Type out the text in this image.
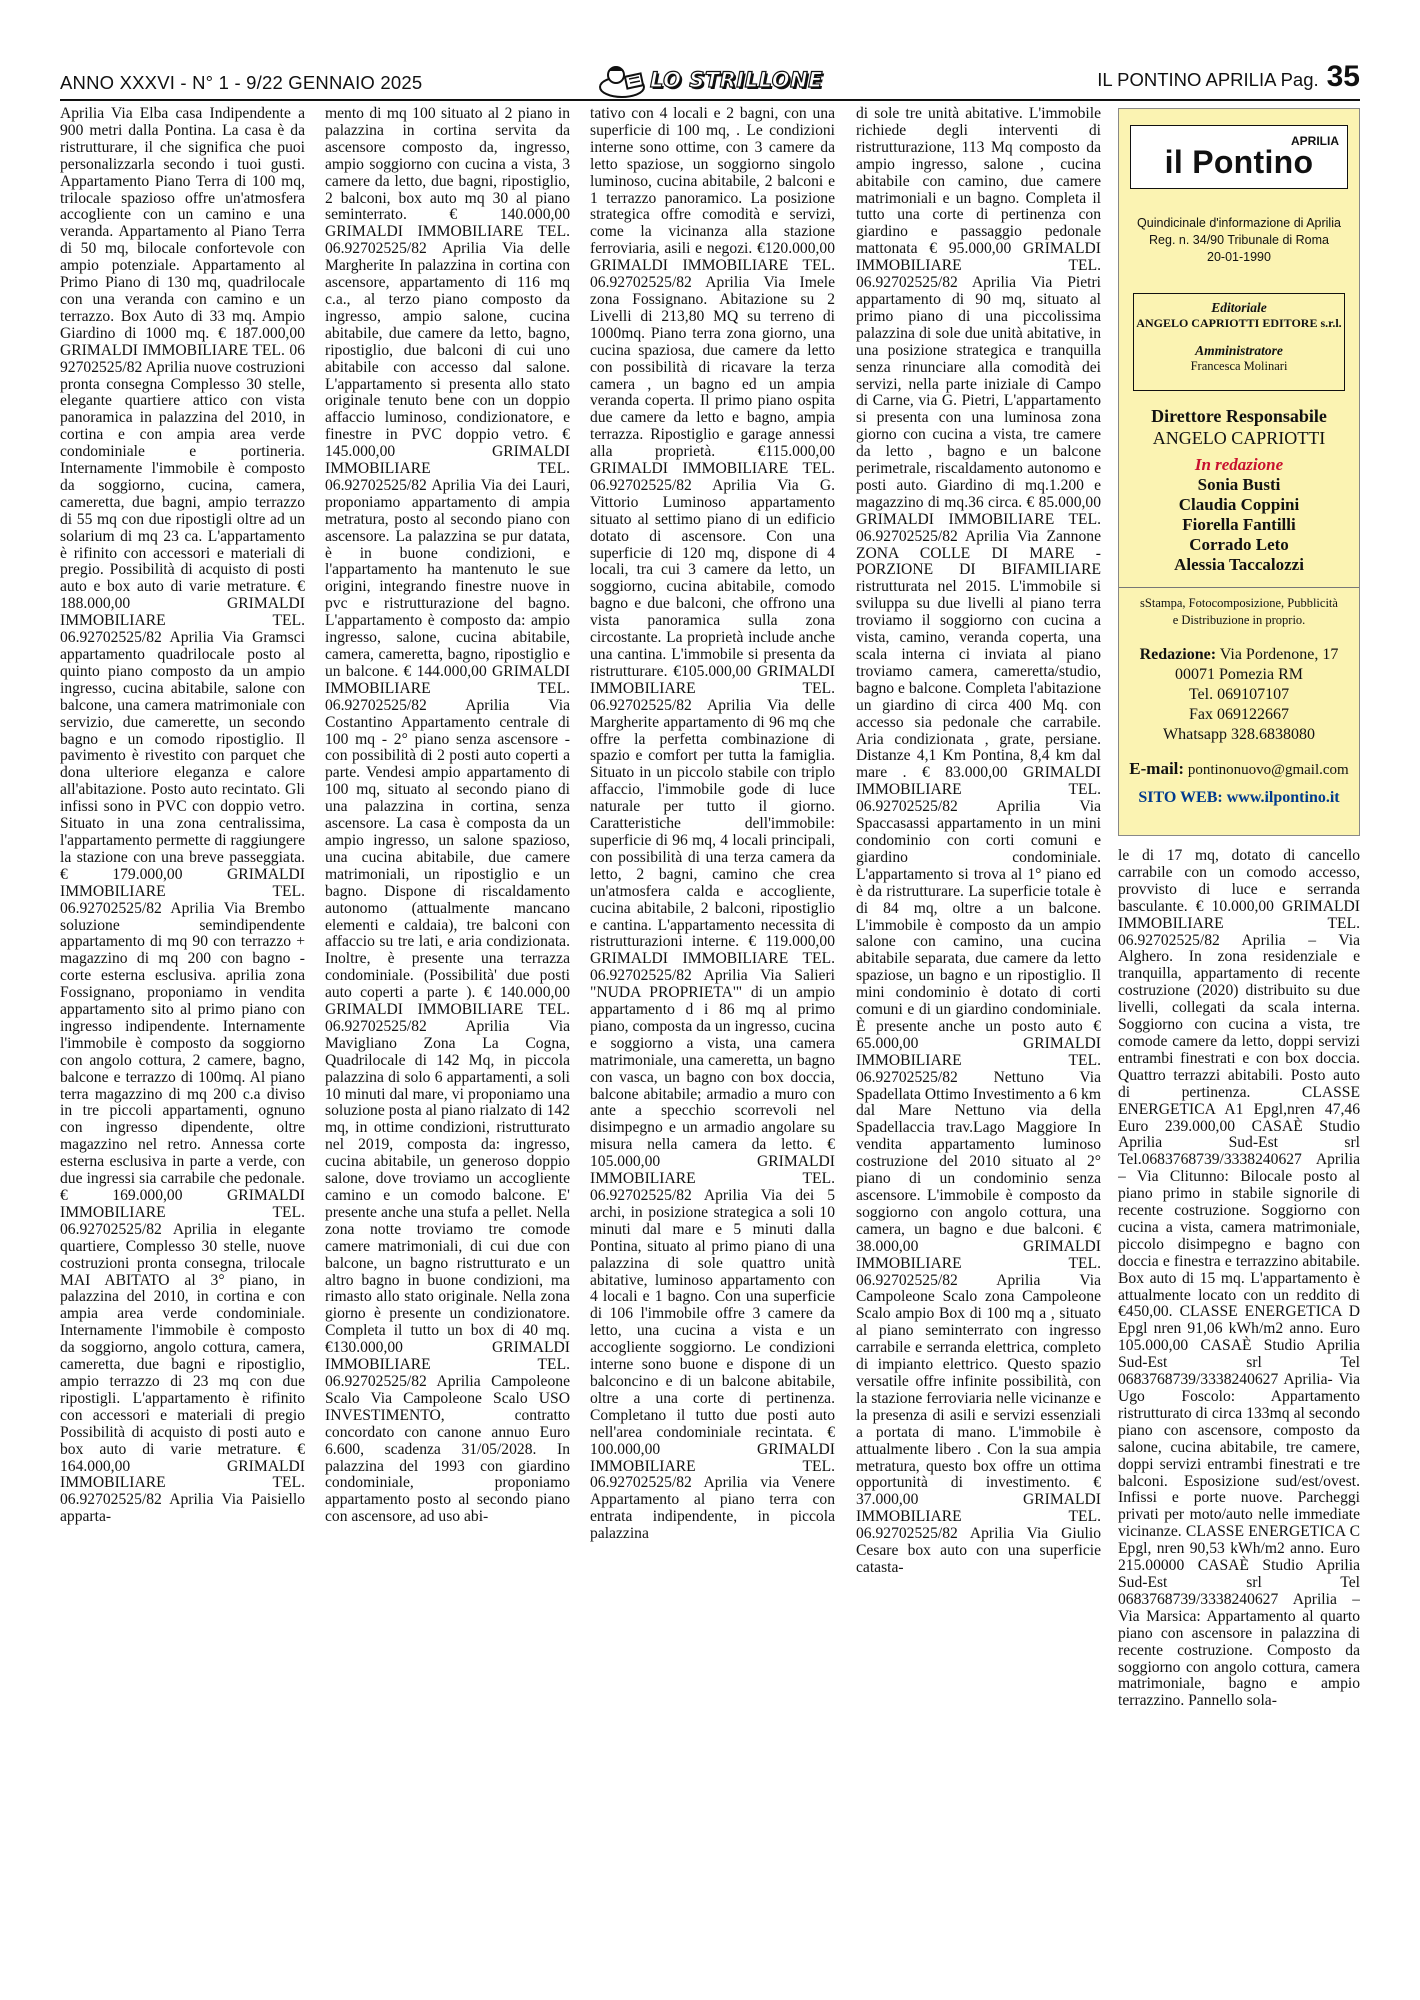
ANNO XXXVI - N° 1 - 9/22 GENNAIO 2025	LO STRILLONE	IL PONTINO APRILIA Pag. 35

Aprilia Via Elba casa Indipendente a 900 metri dalla Pontina. La casa è da ristrutturare, il che significa che puoi personalizzarla secondo i tuoi gusti. Appartamento Piano Terra di 100 mq, trilocale spazioso offre un'atmosfera accogliente con un camino e una veranda. Appartamento al Piano Terra di 50 mq, bilocale confortevole con ampio potenziale. Appartamento al Primo Piano di 130 mq, quadrilocale con una veranda con camino e un terrazzo. Box Auto di 33 mq. Ampio Giardino di 1000 mq. € 187.000,00 GRIMALDI IMMOBILIARE TEL. 06 92702525/82 Aprilia nuove costruzioni pronta consegna Complesso 30 stelle, elegante quartiere attico con vista panoramica in palazzina del 2010, in cortina e con ampia area verde condominiale e portineria. Internamente l'immobile è composto da soggiorno, cucina, camera, cameretta, due bagni, ampio terrazzo di 55 mq con due ripostigli oltre ad un solarium di mq 23 ca. L'appartamento è rifinito con accessori e materiali di pregio. Possibilità di acquisto di posti auto e box auto di varie metrature. € 188.000,00 GRIMALDI IMMOBILIARE TEL. 06.92702525/82 Aprilia Via Gramsci appartamento quadrilocale posto al quinto piano composto da un ampio ingresso, cucina abitabile, salone con balcone, una camera matrimoniale con servizio, due camerette, un secondo bagno e un comodo ripostiglio. Il pavimento è rivestito con parquet che dona ulteriore eleganza e calore all'abitazione. Posto auto recintato. Gli infissi sono in PVC con doppio vetro. Situato in una zona centralissima, l'appartamento permette di raggiungere la stazione con una breve passeggiata. € 179.000,00 GRIMALDI IMMOBILIARE TEL. 06.92702525/82 Aprilia Via Brembo soluzione semindipendente appartamento di mq 90 con terrazzo + magazzino di mq 200 con bagno - corte esterna esclusiva. aprilia zona Fossignano, proponiamo in vendita appartamento sito al primo piano con ingresso indipendente. Internamente l'immobile è composto da soggiorno con angolo cottura, 2 camere, bagno, balcone e terrazzo di 100mq. Al piano terra magazzino di mq 200 c.a diviso in tre piccoli appartamenti, ognuno con ingresso dipendente, oltre magazzino nel retro. Annessa corte esterna esclusiva in parte a verde, con due ingressi sia carrabile che pedonale. € 169.000,00 GRIMALDI IMMOBILIARE TEL. 06.92702525/82 Aprilia in elegante quartiere, Complesso 30 stelle, nuove costruzioni pronta consegna, trilocale MAI ABITATO al 3° piano, in palazzina del 2010, in cortina e con ampia area verde condominiale. Internamente l'immobile è composto da soggiorno, angolo cottura, camera, cameretta, due bagni e ripostiglio, ampio terrazzo di 23 mq con due ripostigli. L'appartamento è rifinito con accessori e materiali di pregio Possibilità di acquisto di posti auto e box auto di varie metrature. € 164.000,00 GRIMALDI IMMOBILIARE TEL. 06.92702525/82 Aprilia Via Paisiello apparta-

mento di mq 100 situato al 2 piano in palazzina in cortina servita da ascensore composto da, ingresso, ampio soggiorno con cucina a vista, 3 camere da letto, due bagni, ripostiglio, 2 balconi, box auto mq 30 al piano seminterrato. € 140.000,00 GRIMALDI IMMOBILIARE TEL. 06.92702525/82 Aprilia Via delle Margherite In palazzina in cortina con ascensore, appartamento di 116 mq c.a., al terzo piano composto da ingresso, ampio salone, cucina abitabile, due camere da letto, bagno, ripostiglio, due balconi di cui uno abitabile con accesso dal salone. L'appartamento si presenta allo stato originale tenuto bene con un doppio affaccio luminoso, condizionatore, e finestre in PVC doppio vetro. € 145.000,00 GRIMALDI IMMOBILIARE TEL. 06.92702525/82 Aprilia Via dei Lauri, proponiamo appartamento di ampia metratura, posto al secondo piano con ascensore. La palazzina se pur datata, è in buone condizioni, e l'appartamento ha mantenuto le sue origini, integrando finestre nuove in pvc e ristrutturazione del bagno. L'appartamento è composto da: ampio ingresso, salone, cucina abitabile, camera, cameretta, bagno, ripostiglio e un balcone. € 144.000,00 GRIMALDI IMMOBILIARE TEL. 06.92702525/82 Aprilia Via Costantino Appartamento centrale di 100 mq - 2° piano senza ascensore - con possibilità di 2 posti auto coperti a parte. Vendesi ampio appartamento di 100 mq, situato al secondo piano di una palazzina in cortina, senza ascensore. La casa è composta da un ampio ingresso, un salone spazioso, una cucina abitabile, due camere matrimoniali, un ripostiglio e un bagno. Dispone di riscaldamento autonomo (attualmente mancano elementi e caldaia), tre balconi con affaccio su tre lati, e aria condizionata. Inoltre, è presente una terrazza condominiale. (Possibilità' due posti auto coperti a parte ). € 140.000,00 GRIMALDI IMMOBILIARE TEL. 06.92702525/82 Aprilia Via Mavigliano Zona La Cogna, Quadrilocale di 142 Mq, in piccola palazzina di solo 6 appartamenti, a soli 10 minuti dal mare, vi proponiamo una soluzione posta al piano rialzato di 142 mq, in ottime condizioni, ristrutturato nel 2019, composta da: ingresso, cucina abitabile, un generoso doppio salone, dove troviamo un accogliente camino e un comodo balcone. E' presente anche una stufa a pellet. Nella zona notte troviamo tre comode camere matrimoniali, di cui due con balcone, un bagno ristrutturato e un altro bagno in buone condizioni, ma rimasto allo stato originale. Nella zona giorno è presente un condizionatore. Completa il tutto un box di 40 mq. €130.000,00 GRIMALDI IMMOBILIARE TEL. 06.92702525/82 Aprilia Campoleone Scalo Via Campoleone Scalo USO INVESTIMENTO, contratto concordato con canone annuo Euro 6.600, scadenza 31/05/2028. In palazzina del 1993 con giardino condominiale, proponiamo appartamento posto al secondo piano con ascensore, ad uso abi-

tativo con 4 locali e 2 bagni, con una superficie di 100 mq, . Le condizioni interne sono ottime, con 3 camere da letto spaziose, un soggiorno singolo luminoso, cucina abitabile, 2 balconi e 1 terrazzo panoramico. La posizione strategica offre comodità e servizi, come la vicinanza alla stazione ferroviaria, asili e negozi. €120.000,00 GRIMALDI IMMOBILIARE TEL. 06.92702525/82 Aprilia Via Imele zona Fossignano. Abitazione su 2 Livelli di 213,80 MQ su terreno di 1000mq. Piano terra zona giorno, una cucina spaziosa, due camere da letto con possibilità di ricavare la terza camera , un bagno ed un ampia veranda coperta. Il primo piano ospita due camere da letto e bagno, ampia terrazza. Ripostiglio e garage annessi alla proprietà. €115.000,00 GRIMALDI IMMOBILIARE TEL. 06.92702525/82 Aprilia Via G. Vittorio Luminoso appartamento situato al settimo piano di un edificio dotato di ascensore. Con una superficie di 120 mq, dispone di 4 locali, tra cui 3 camere da letto, un soggiorno, cucina abitabile, comodo bagno e due balconi, che offrono una vista panoramica sulla zona circostante. La proprietà include anche una cantina. L'immobile si presenta da ristrutturare. €105.000,00 GRIMALDI IMMOBILIARE TEL. 06.92702525/82 Aprilia Via delle Margherite appartamento di 96 mq che offre la perfetta combinazione di spazio e comfort per tutta la famiglia. Situato in un piccolo stabile con triplo affaccio, l'immobile gode di luce naturale per tutto il giorno. Caratteristiche dell'immobile: superficie di 96 mq, 4 locali principali, con possibilità di una terza camera da letto, 2 bagni, camino che crea un'atmosfera calda e accogliente, cucina abitabile, 2 balconi, ripostiglio e cantina. L'appartamento necessita di ristrutturazioni interne. € 119.000,00 GRIMALDI IMMOBILIARE TEL. 06.92702525/82 Aprilia Via Salieri "NUDA PROPRIETA'" di un ampio appartamento d i 86 mq al primo piano, composta da un ingresso, cucina e soggiorno a vista, una camera matrimoniale, una cameretta, un bagno con vasca, un bagno con box doccia, balcone abitabile; armadio a muro con ante a specchio scorrevoli nel disimpegno e un armadio angolare su misura nella camera da letto. € 105.000,00 GRIMALDI IMMOBILIARE TEL. 06.92702525/82 Aprilia Via dei 5 archi, in posizione strategica a soli 10 minuti dal mare e 5 minuti dalla Pontina, situato al primo piano di una palazzina di sole quattro unità abitative, luminoso appartamento con 4 locali e 1 bagno. Con una superficie di 106 l'immobile offre 3 camere da letto, una cucina a vista e un accogliente soggiorno. Le condizioni interne sono buone e dispone di un balconcino e di un balcone abitabile, oltre a una corte di pertinenza. Completano il tutto due posti auto nell'area condominiale recintata. € 100.000,00 GRIMALDI IMMOBILIARE TEL. 06.92702525/82 Aprilia via Venere Appartamento al piano terra con entrata indipendente, in piccola palazzina

di sole tre unità abitative. L'immobile richiede degli interventi di ristrutturazione, 113 Mq composto da ampio ingresso, salone , cucina abitabile con camino, due camere matrimoniali e un bagno. Completa il tutto una corte di pertinenza con giardino e passaggio pedonale mattonata € 95.000,00 GRIMALDI IMMOBILIARE TEL. 06.92702525/82 Aprilia Via Pietri appartamento di 90 mq, situato al primo piano di una piccolissima palazzina di sole due unità abitative, in una posizione strategica e tranquilla senza rinunciare alla comodità dei servizi, nella parte iniziale di Campo di Carne, via G. Pietri, L'appartamento si presenta con una luminosa zona giorno con cucina a vista, tre camere da letto , bagno e un balcone perimetrale, riscaldamento autonomo e posti auto. Giardino di mq.1.200 e magazzino di mq.36 circa. € 85.000,00 GRIMALDI IMMOBILIARE TEL. 06.92702525/82 Aprilia Via Zannone ZONA COLLE DI MARE - PORZIONE DI BIFAMILIARE ristrutturata nel 2015. L'immobile si sviluppa su due livelli al piano terra troviamo il soggiorno con cucina a vista, camino, veranda coperta, una scala interna ci inviata al piano troviamo camera, cameretta/studio, bagno e balcone. Completa l'abitazione un giardino di circa 400 Mq. con accesso sia pedonale che carrabile. Aria condizionata , grate, persiane. Distanze 4,1 Km Pontina, 8,4 km dal mare . € 83.000,00 GRIMALDI IMMOBILIARE TEL. 06.92702525/82 Aprilia Via Spaccasassi appartamento in un mini condominio con corti comuni e giardino condominiale. L'appartamento si trova al 1° piano ed è da ristrutturare. La superficie totale è di 84 mq, oltre a un balcone. L'immobile è composto da un ampio salone con camino, una cucina abitabile separata, due camere da letto spaziose, un bagno e un ripostiglio. Il mini condominio è dotato di corti comuni e di un giardino condominiale. È presente anche un posto auto € 65.000,00 GRIMALDI IMMOBILIARE TEL. 06.92702525/82 Nettuno Via Spadellata Ottimo Investimento a 6 km dal Mare Nettuno via della Spadellaccia trav.Lago Maggiore In vendita appartamento luminoso costruzione del 2010 situato al 2° piano di un condominio senza ascensore. L'immobile è composto da soggiorno con angolo cottura, una camera, un bagno e due balconi. € 38.000,00 GRIMALDI IMMOBILIARE TEL. 06.92702525/82 Aprilia Via Campoleone Scalo zona Campoleone Scalo ampio Box di 100 mq a , situato al piano seminterrato con ingresso carrabile e serranda elettrica, completo di impianto elettrico. Questo spazio versatile offre infinite possibilità, con la stazione ferroviaria nelle vicinanze e la presenza di asili e servizi essenziali a portata di mano. L'immobile è attualmente libero . Con la sua ampia metratura, questo box offre un ottima opportunità di investimento. € 37.000,00 GRIMALDI IMMOBILIARE TEL. 06.92702525/82 Aprilia Via Giulio Cesare box auto con una superficie catasta-

APRILIA
il Pontino
Quindicinale d'informazione di Aprilia
Reg. n. 34/90 Tribunale di Roma
20-01-1990
Editoriale
ANGELO CAPRIOTTI EDITORE s.r.l.
Amministratore
Francesca Molinari
Direttore Responsabile
ANGELO CAPRIOTTI
In redazione
Sonia Busti
Claudia Coppini
Fiorella Fantilli
Corrado Leto
Alessia Taccalozzi
sStampa, Fotocomposizione, Pubblicità
e Distribuzione in proprio.
Redazione: Via Pordenone, 17
00071 Pomezia RM
Tel. 069107107
Fax 069122667
Whatsapp 328.6838080
E-mail: pontinonuovo@gmail.com
SITO WEB: www.ilpontino.it

le di 17 mq, dotato di cancello carrabile con un comodo accesso, provvisto di luce e serranda basculante. € 10.000,00 GRIMALDI IMMOBILIARE TEL. 06.92702525/82 Aprilia – Via Alghero. In zona residenziale e tranquilla, appartamento di recente costruzione (2020) distribuito su due livelli, collegati da scala interna. Soggiorno con cucina a vista, tre comode camere da letto, doppi servizi entrambi finestrati e con box doccia. Quattro terrazzi abitabili. Posto auto di pertinenza. CLASSE ENERGETICA A1 Epgl,nren 47,46 Euro 239.000,00 CASAÈ Studio Aprilia Sud-Est srl Tel.0683768739/3338240627 Aprilia – Via Clitunno: Bilocale posto al piano primo in stabile signorile di recente costruzione. Soggiorno con cucina a vista, camera matrimoniale, piccolo disimpegno e bagno con doccia e finestra e terrazzino abitabile. Box auto di 15 mq. L'appartamento è attualmente locato con un reddito di €450,00. CLASSE ENERGETICA D Epgl nren 91,06 kWh/m2 anno. Euro 105.000,00 CASAÈ Studio Aprilia Sud-Est srl Tel 0683768739/3338240627 Aprilia- Via Ugo Foscolo: Appartamento ristrutturato di circa 133mq al secondo piano con ascensore, composto da salone, cucina abitabile, tre camere, doppi servizi entrambi finestrati e tre balconi. Esposizione sud/est/ovest. Infissi e porte nuove. Parcheggi privati per moto/auto nelle immediate vicinanze. CLASSE ENERGETICA C Epgl, nren 90,53 kWh/m2 anno. Euro 215.00000 CASAÈ Studio Aprilia Sud-Est srl Tel 0683768739/3338240627 Aprilia – Via Marsica: Appartamento al quarto piano con ascensore in palazzina di recente costruzione. Composto da soggiorno con angolo cottura, camera matrimoniale, bagno e ampio terrazzino. Pannello sola-
